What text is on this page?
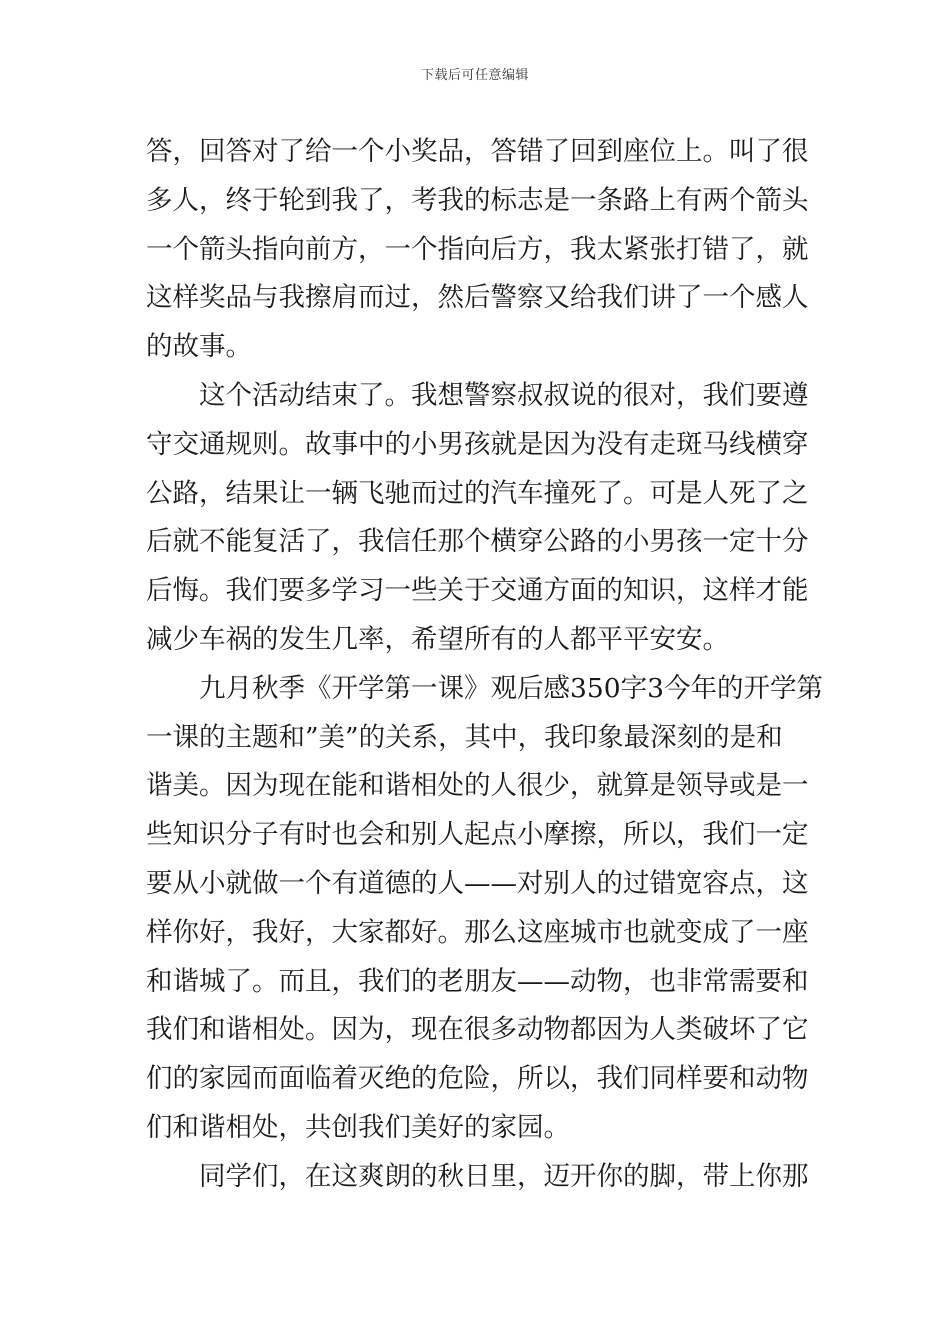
下载后可任意编辑
答，回答对了给一个小奖品，答错了回到座位上。叫了很
多人，终于轮到我了，考我的标志是一条路上有两个箭头
一个箭头指向前方，一个指向后方，我太紧张打错了，就
这样奖品与我擦肩而过，然后警察又给我们讲了一个感人
的故事。
这个活动结束了。我想警察叔叔说的很对，我们要遵
守交通规则。故事中的小男孩就是因为没有走斑马线横穿
公路，结果让一辆飞驰而过的汽车撞死了。可是人死了之
后就不能复活了，我信任那个横穿公路的小男孩一定十分
后悔。我们要多学习一些关于交通方面的知识，这样才能
减少车祸的发生几率，希望所有的人都平平安安。
九月秋季《开学第一课》观后感350字3今年的开学第
一课的主题和”美”的关系，其中，我印象最深刻的是和
谐美。因为现在能和谐相处的人很少，就算是领导或是一
些知识分子有时也会和别人起点小摩擦，所以，我们一定
要从小就做一个有道德的人——对别人的过错宽容点，这
样你好，我好，大家都好。那么这座城市也就变成了一座
和谐城了。而且，我们的老朋友——动物，也非常需要和
我们和谐相处。因为，现在很多动物都因为人类破坏了它
们的家园而面临着灭绝的危险，所以，我们同样要和动物
们和谐相处，共创我们美好的家园。
同学们，在这爽朗的秋日里，迈开你的脚，带上你那
